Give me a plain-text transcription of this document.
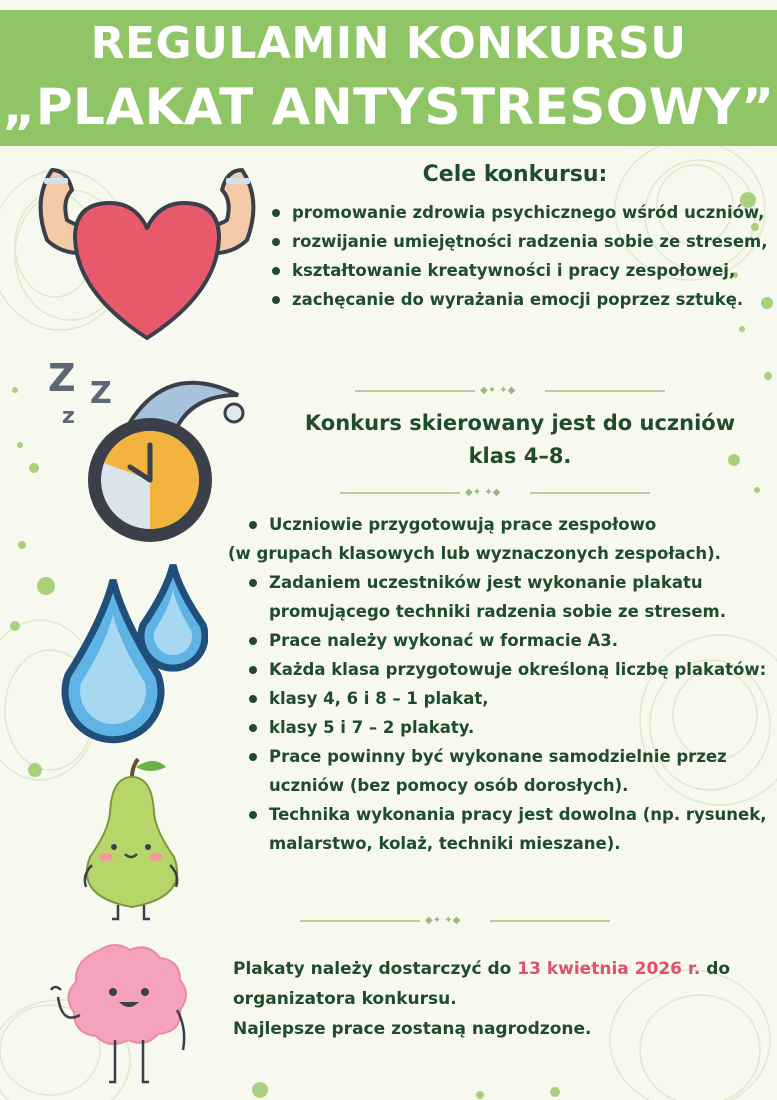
REGULAMIN KONKURSU
„PLAKAT ANTYSTRESOWY”
Z Z
z
Cele konkursu:
promowanie zdrowia psychicznego wśród uczniów,
rozwijanie umiejętności radzenia sobie ze stresem,
kształtowanie kreatywności i pracy zespołowej,
zachęcanie do wyrażania emocji poprzez sztukę.
◆✦ ✦◆
Konkurs skierowany jest do uczniów
klas 4–8.
◆✦ ✦◆
Uczniowie przygotowują prace zespołowo
(w grupach klasowych lub wyznaczonych zespołach).
Zadaniem uczestników jest wykonanie plakatu promującego techniki radzenia sobie ze stresem.
Prace należy wykonać w formacie A3.
Każda klasa przygotowuje określoną liczbę plakatów:
klasy 4, 6 i 8 – 1 plakat,
klasy 5 i 7 – 2 plakaty.
Prace powinny być wykonane samodzielnie przez uczniów (bez pomocy osób dorosłych).
Technika wykonania pracy jest dowolna (np. rysunek, malarstwo, kolaż, techniki mieszane).
◆✦ ✦◆
Plakaty należy dostarczyć do 13 kwietnia 2026 r. do organizatora konkursu.
Najlepsze prace zostaną nagrodzone.
